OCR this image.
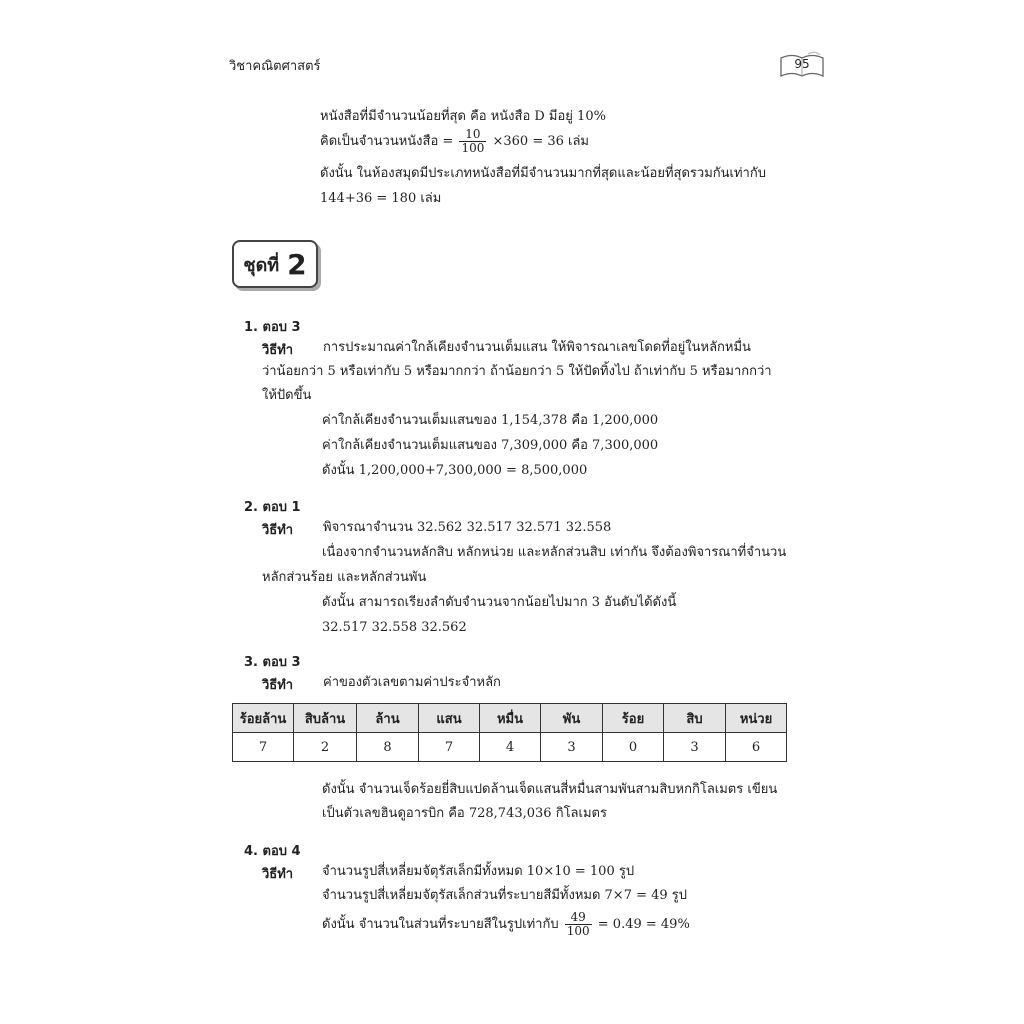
วิชาคณิตศาสตร์	95
หนังสือที่มีจำนวนน้อยที่สุด คือ หนังสือ D มีอยู่ 10%
คิดเป็นจำนวนหนังสือ = $\frac{10}{100} \times 360 = 36$ เล่ม
ดังนั้น ในห้องสมุดมีประเภทหนังสือที่มีจำนวนมากที่สุดและน้อยที่สุดรวมกันเท่ากับ
144+36 = 180 เล่ม
ชุดที่ 2
1. ตอบ 3
วิธีทำ การประมาณค่าใกล้เคียงจำนวนเต็มแสน ให้พิจารณาเลขโดดที่อยู่ในหลักหมื่น
ว่าน้อยกว่า 5 หรือเท่ากับ 5 หรือมากกว่า ถ้าน้อยกว่า 5 ให้ปัดทิ้งไป ถ้าเท่ากับ 5 หรือมากกว่า
ให้ปัดขึ้น
ค่าใกล้เคียงจำนวนเต็มแสนของ 1,154,378 คือ 1,200,000
ค่าใกล้เคียงจำนวนเต็มแสนของ 7,309,000 คือ 7,300,000
ดังนั้น 1,200,000+7,300,000 = 8,500,000
2. ตอบ 1
วิธีทำ พิจารณาจำนวน 32.562 32.517 32.571 32.558
เนื่องจากจำนวนหลักสิบ หลักหน่วย และหลักส่วนสิบ เท่ากัน จึงต้องพิจารณาที่จำนวน
หลักส่วนร้อย และหลักส่วนพัน
ดังนั้น สามารถเรียงลำดับจำนวนจากน้อยไปมาก 3 อันดับได้ดังนี้
32.517 32.558 32.562
3. ตอบ 3
วิธีทำ ค่าของตัวเลขตามค่าประจำหลัก
ร้อยล้าน	สิบล้าน	ล้าน	แสน	หมื่น	พัน	ร้อย	สิบ	หน่วย
7	2	8	7	4	3	0	3	6
ดังนั้น จำนวนเจ็ดร้อยยี่สิบแปดล้านเจ็ดแสนสี่หมื่นสามพันสามสิบหกกิโลเมตร เขียน
เป็นตัวเลขฮินดูอารบิก คือ 728,743,036 กิโลเมตร
4. ตอบ 4
วิธีทำ จำนวนรูปสี่เหลี่ยมจัตุรัสเล็กมีทั้งหมด 10×10 = 100 รูป
จำนวนรูปสี่เหลี่ยมจัตุรัสเล็กส่วนที่ระบายสีมีทั้งหมด 7×7 = 49 รูป
ดังนั้น จำนวนในส่วนที่ระบายสีในรูปเท่ากับ $\frac{49}{100} = 0.49 = 49\%$
